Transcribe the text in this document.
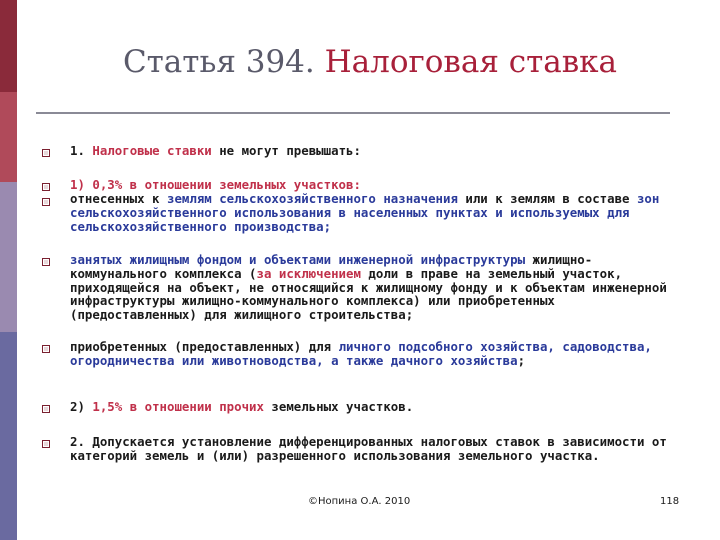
Статья 394. Налоговая ставка
1. Налоговые ставки не могут превышать:
1) 0,3% в отношении земельных участков:
отнесенных к землям сельскохозяйственного назначения или к землям в составе зон сельскохозяйственного использования в населенных пунктах и используемых для сельскохозяйственного производства;
занятых жилищным фондом и объектами инженерной инфраструктуры жилищно-коммунального комплекса (за исключением доли в праве на земельный участок, приходящейся на объект, не относящийся к жилищному фонду и к объектам инженерной инфраструктуры жилищно-коммунального комплекса) или приобретенных (предоставленных) для жилищного строительства;
приобретенных (предоставленных) для личного подсобного хозяйства, садоводства, огородничества или животноводства, а также дачного хозяйства;
2) 1,5% в отношении прочих земельных участков.
2. Допускается установление дифференцированных налоговых ставок в зависимости от категорий земель и (или) разрешенного использования земельного участка.
©Нопина О.А. 2010	118
